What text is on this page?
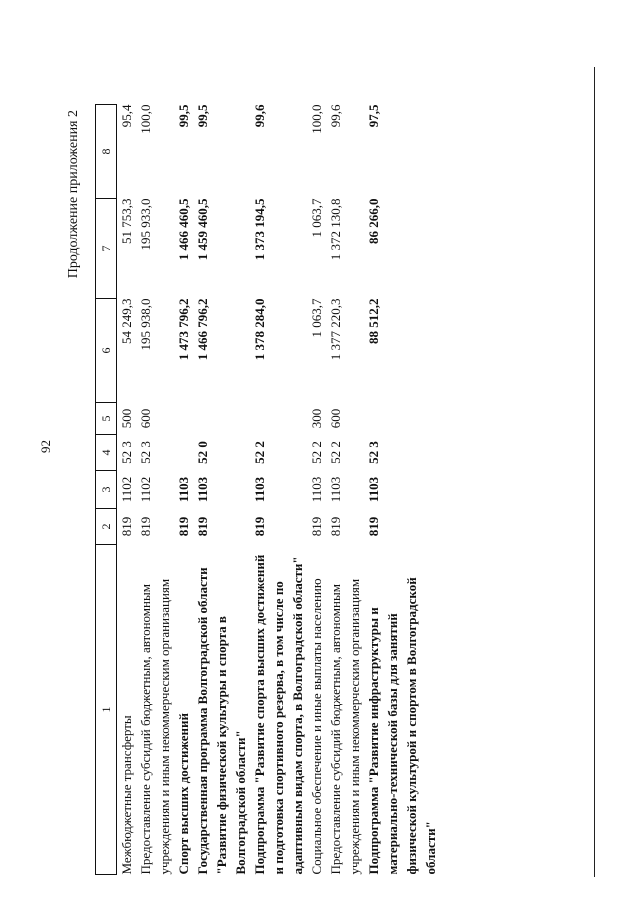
92
Продолжение приложения 2
1	2	3	4	5	6	7	8
Межбюджетные трансферты	819	1102	52 3	500	54 249,3	51 753,3	95,4
Предоставление субсидий бюджетным, автономным учреждениям и иным некоммерческим организациям	819	1102	52 3	600	195 938,0	195 933,0	100,0
Спорт высших достижений	819	1103			1 473 796,2	1 466 460,5	99,5
Государственная программа Волгоградской области "Развитие физической культуры и спорта в Волгоградской области"	819	1103	52 0		1 466 796,2	1 459 460,5	99,5
Подпрограмма "Развитие спорта высших достижений и подготовка спортивного резерва, в том числе по адаптивным видам спорта, в Волгоградской области"	819	1103	52 2		1 378 284,0	1 373 194,5	99,6
Социальное обеспечение и иные выплаты населению	819	1103	52 2	300	1 063,7	1 063,7	100,0
Предоставление субсидий бюджетным, автономным учреждениям и иным некоммерческим организациям	819	1103	52 2	600	1 377 220,3	1 372 130,8	99,6
Подпрограмма "Развитие инфраструктуры и материально-технической базы для занятий физической культурой и спортом в Волгоградской области"	819	1103	52 3		88 512,2	86 266,0	97,5
